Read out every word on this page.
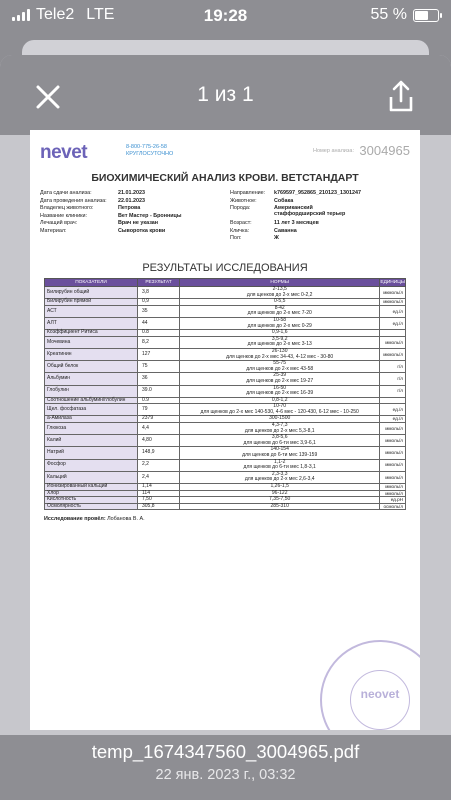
Tele2 LTE	19:28	55 %
1 из 1
nevet	8-800-775-26-58
КРУГЛОСУТОЧНО	Номер анализа: 3004965
БИОХИМИЧЕСКИЙ АНАЛИЗ КРОВИ. ВЕТСТАНДАРТ
Дата сдачи анализа:	21.01.2023
Дата проведения анализа: 22.01.2023
Владелец животного:	Петрова
Название клиники:	Вет Мастер - Бронницы
Лечащий врач:	Врач не указан
Материал:	Сыворотка крови
Направление: k769597_952865_210123_1301247
Животное:	Собака
Порода:	Американский стаффордширский терьер
Возраст:	11 лет 3 месяцев
Кличка:	Саванна
Пол:	Ж
РЕЗУЛЬТАТЫ ИССЛЕДОВАНИЯ
ПОКАЗАТЕЛИ	РЕЗУЛЬТАТ	НОРМЫ	ЕДИНИЦЫ
Билирубин общий	3,8	2-13,5
для щенков до 2-х мес 0-2,2	мкмоль/л
Билирубин прямой	0,9	0-5,5	мкмоль/л
АСТ	35	8-42
для щенков до 2-х мес 7-20	ед./л
АЛТ	44	10-58
для щенков до 2-х мес 0-29	ед./л
Коэффициент Ритиса	0.8	0,9-1,6	
Мочевина	8,2	3,5-9,2
для щенков до 2-х мес 3-13	ммоль/л
Креатинин	127	26-130
для щенков до 2-х мес 34-43, 4-12 мес - 30-80	мкмоль/л
Общий белок	75	55-75
для щенков до 2-х мес 43-58	г/л
Альбумин	36	25-39
для щенков до 2-х мес 19-27	г/л
Глобулин	39.0	16-50
для щенков до 2-х мес 16-39	г/л
Соотношение альбумин/глобулин	0.9	0,8-1,2	
Щел. фосфатаза	79	10-70
для щенков до 2-х мес 140-530, 4-6 мес - 120-430, 6-12 мес - 10-250	ед./л
а-Амилаза	2379	300-1500	ед./л
Глюкоза	4,4	4,3-7,3
для щенков до 2-х мес 5,3-8,1	ммоль/л
Калий	4,80	3,8-5,6
для щенков до 6-ти мес 3,9-6,1	ммоль/л
Натрий	148,9	140-154
для щенков до 6-ти мес 139-159	ммоль/л
Фосфор	2,2	1,1-2
для щенков до 6-ти мес 1,8-3,1	ммоль/л
Кальций	2,4	2,3-3,3
для щенков до 2-х мес 2,6-3,4	ммоль/л
Ионизированный кальций	1,14	1,26-1,5	ммоль/л
Хлор	114	96-122	ммоль/л
Кислотность	7,50	7,35-7,50	ед.pH
Осмолярность	305,8	285-310	осмоль/л
Исследование провёл: Лобанова В. А.
neovet
temp_1674347560_3004965.pdf
22 янв. 2023 г., 03:32
